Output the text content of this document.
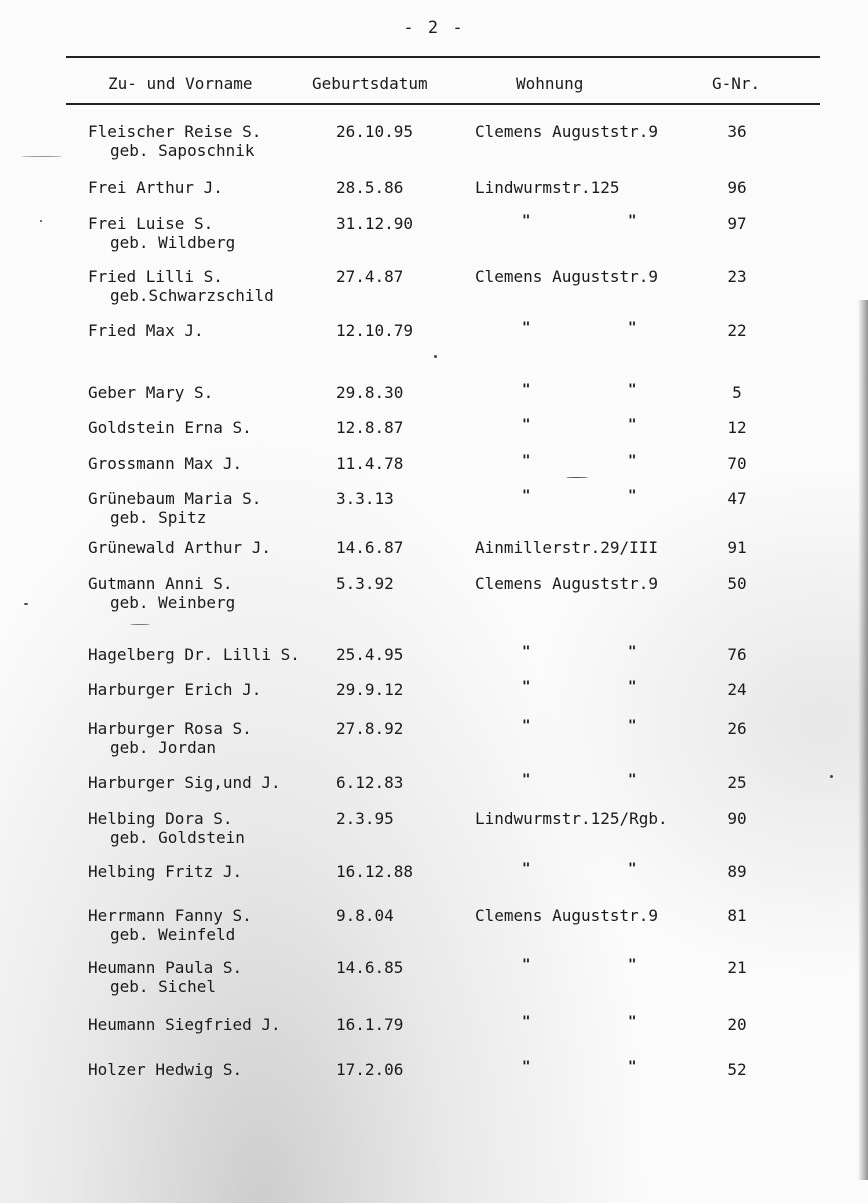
- 2 -
Zu- und Vorname	Geburtsdatum	Wohnung	G-Nr.
Fleischer Reise S.
geb. Saposchnik
26.10.95	Clemens Auguststr.9	36
Frei Arthur J.	28.5.86	Lindwurmstr.125	96
Frei Luise S.
geb. Wildberg
31.12.90	"	"	97
Fried Lilli S.
geb.Schwarzschild
27.4.87	Clemens Auguststr.9	23
Fried Max J.	12.10.79	"	"	22
Geber Mary S.	29.8.30	"	"	5
Goldstein Erna S.	12.8.87	"	"	12
Grossmann Max J.	11.4.78	"	"	70
Grünebaum Maria S.
geb. Spitz
3.3.13	"	"	47
Grünewald Arthur J.	14.6.87	Ainmillerstr.29/III	91
Gutmann Anni S.
geb. Weinberg
5.3.92	Clemens Auguststr.9	50
Hagelberg Dr. Lilli S. 25.4.95	"	"	76
Harburger Erich J.	29.9.12	"	"	24
Harburger Rosa S.
geb. Jordan
27.8.92	"	"	26
Harburger Sig,und J.	6.12.83	"	"	25
Helbing Dora S.
geb. Goldstein
2.3.95	Lindwurmstr.125/Rgb.	90
Helbing Fritz J.	16.12.88	"	"	89
Herrmann Fanny S.
geb. Weinfeld
9.8.04	Clemens Auguststr.9	81
Heumann Paula S.
geb. Sichel
14.6.85	"	"	21
Heumann Siegfried J.	16.1.79	"	"	20
Holzer Hedwig S.	17.2.06	"	"	52
